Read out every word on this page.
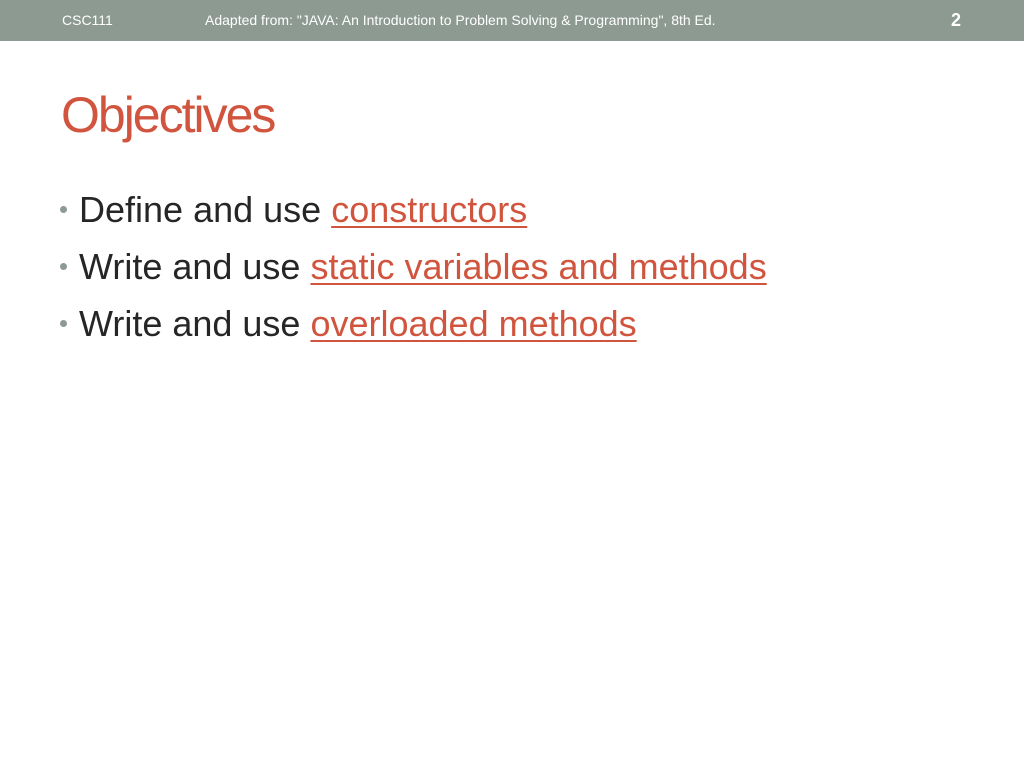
CSC111	Adapted from: "JAVA: An Introduction to Problem Solving & Programming", 8th Ed.	2
Objectives
Define and use constructors
Write and use static variables and methods
Write and use overloaded methods
